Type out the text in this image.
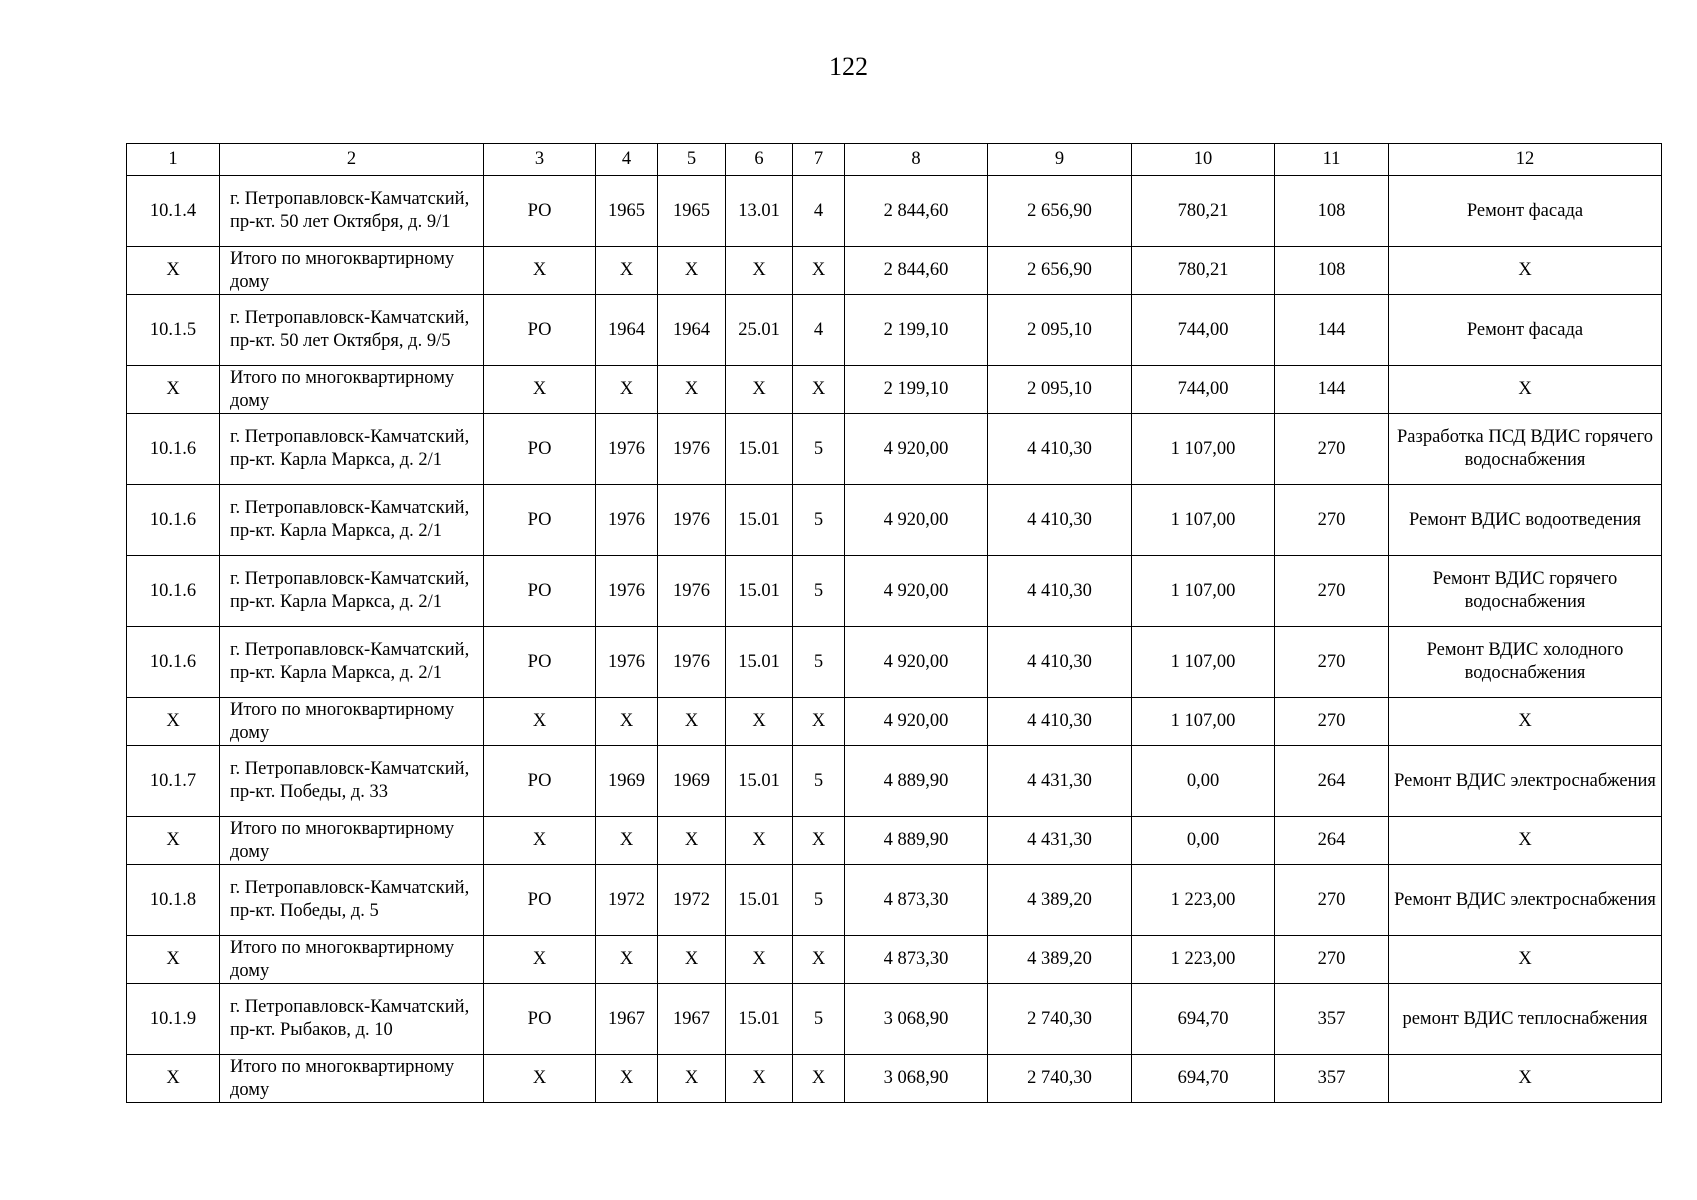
122
1	2	3	4	5	6	7	8	9	10	11	12
10.1.4	г. Петропавловск-Камчатский, пр-кт. 50 лет Октября, д. 9/1	РО	1965	1965	13.01	4	2 844,60	2 656,90	780,21	108	Ремонт фасада
X	Итого по многоквартирному дому	X	X	X	X	X	2 844,60	2 656,90	780,21	108	X
10.1.5	г. Петропавловск-Камчатский, пр-кт. 50 лет Октября, д. 9/5	РО	1964	1964	25.01	4	2 199,10	2 095,10	744,00	144	Ремонт фасада
X	Итого по многоквартирному дому	X	X	X	X	X	2 199,10	2 095,10	744,00	144	X
10.1.6	г. Петропавловск-Камчатский, пр-кт. Карла Маркса, д. 2/1	РО	1976	1976	15.01	5	4 920,00	4 410,30	1 107,00	270	Разработка ПСД ВДИС горячего водоснабжения
10.1.6	г. Петропавловск-Камчатский, пр-кт. Карла Маркса, д. 2/1	РО	1976	1976	15.01	5	4 920,00	4 410,30	1 107,00	270	Ремонт ВДИС водоотведения
10.1.6	г. Петропавловск-Камчатский, пр-кт. Карла Маркса, д. 2/1	РО	1976	1976	15.01	5	4 920,00	4 410,30	1 107,00	270	Ремонт ВДИС горячего водоснабжения
10.1.6	г. Петропавловск-Камчатский, пр-кт. Карла Маркса, д. 2/1	РО	1976	1976	15.01	5	4 920,00	4 410,30	1 107,00	270	Ремонт ВДИС холодного водоснабжения
X	Итого по многоквартирному дому	X	X	X	X	X	4 920,00	4 410,30	1 107,00	270	X
10.1.7	г. Петропавловск-Камчатский, пр-кт. Победы, д. 33	РО	1969	1969	15.01	5	4 889,90	4 431,30	0,00	264	Ремонт ВДИС электроснабжения
X	Итого по многоквартирному дому	X	X	X	X	X	4 889,90	4 431,30	0,00	264	X
10.1.8	г. Петропавловск-Камчатский, пр-кт. Победы, д. 5	РО	1972	1972	15.01	5	4 873,30	4 389,20	1 223,00	270	Ремонт ВДИС электроснабжения
X	Итого по многоквартирному дому	X	X	X	X	X	4 873,30	4 389,20	1 223,00	270	X
10.1.9	г. Петропавловск-Камчатский, пр-кт. Рыбаков, д. 10	РО	1967	1967	15.01	5	3 068,90	2 740,30	694,70	357	ремонт ВДИС теплоснабжения
X	Итого по многоквартирному дому	X	X	X	X	X	3 068,90	2 740,30	694,70	357	X
